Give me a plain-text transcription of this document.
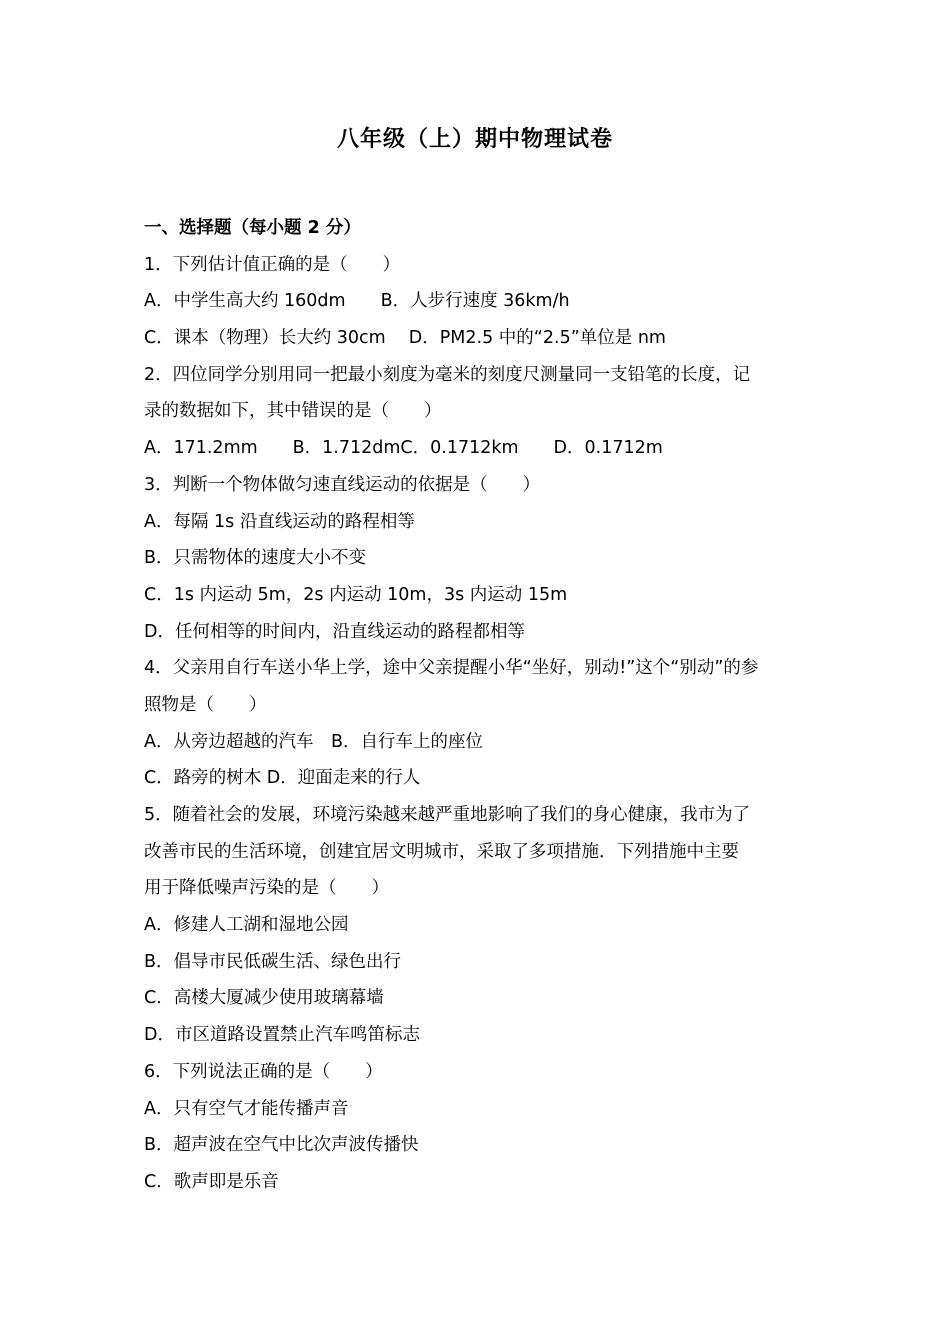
八年级（上）期中物理试卷
一、选择题（每小题 2 分）
1．下列估计值正确的是（　　）
A．中学生高大约 160dm　　B．人步行速度 36km/h
C．课本（物理）长大约 30cm　 D．PM2.5 中的“2.5”单位是 nm
2．四位同学分别用同一把最小刻度为毫米的刻度尺测量同一支铅笔的长度，记
录的数据如下，其中错误的是（　　）
A．171.2mm　　B．1.712dmC．0.1712km　　D．0.1712m
3．判断一个物体做匀速直线运动的依据是（　　）
A．每隔 1s 沿直线运动的路程相等
B．只需物体的速度大小不变
C．1s 内运动 5m，2s 内运动 10m，3s 内运动 15m
D．任何相等的时间内，沿直线运动的路程都相等
4．父亲用自行车送小华上学，途中父亲提醒小华“坐好，别动!”这个“别动”的参
照物是（　　）
A．从旁边超越的汽车　B．自行车上的座位
C．路旁的树木 D．迎面走来的行人
5．随着社会的发展，环境污染越来越严重地影响了我们的身心健康，我市为了
改善市民的生活环境，创建宜居文明城市，采取了多项措施．下列措施中主要
用于降低噪声污染的是（　　）
A．修建人工湖和湿地公园
B．倡导市民低碳生活、绿色出行
C．高楼大厦减少使用玻璃幕墙
D．市区道路设置禁止汽车鸣笛标志
6．下列说法正确的是（　　）
A．只有空气才能传播声音
B．超声波在空气中比次声波传播快
C．歌声即是乐音
